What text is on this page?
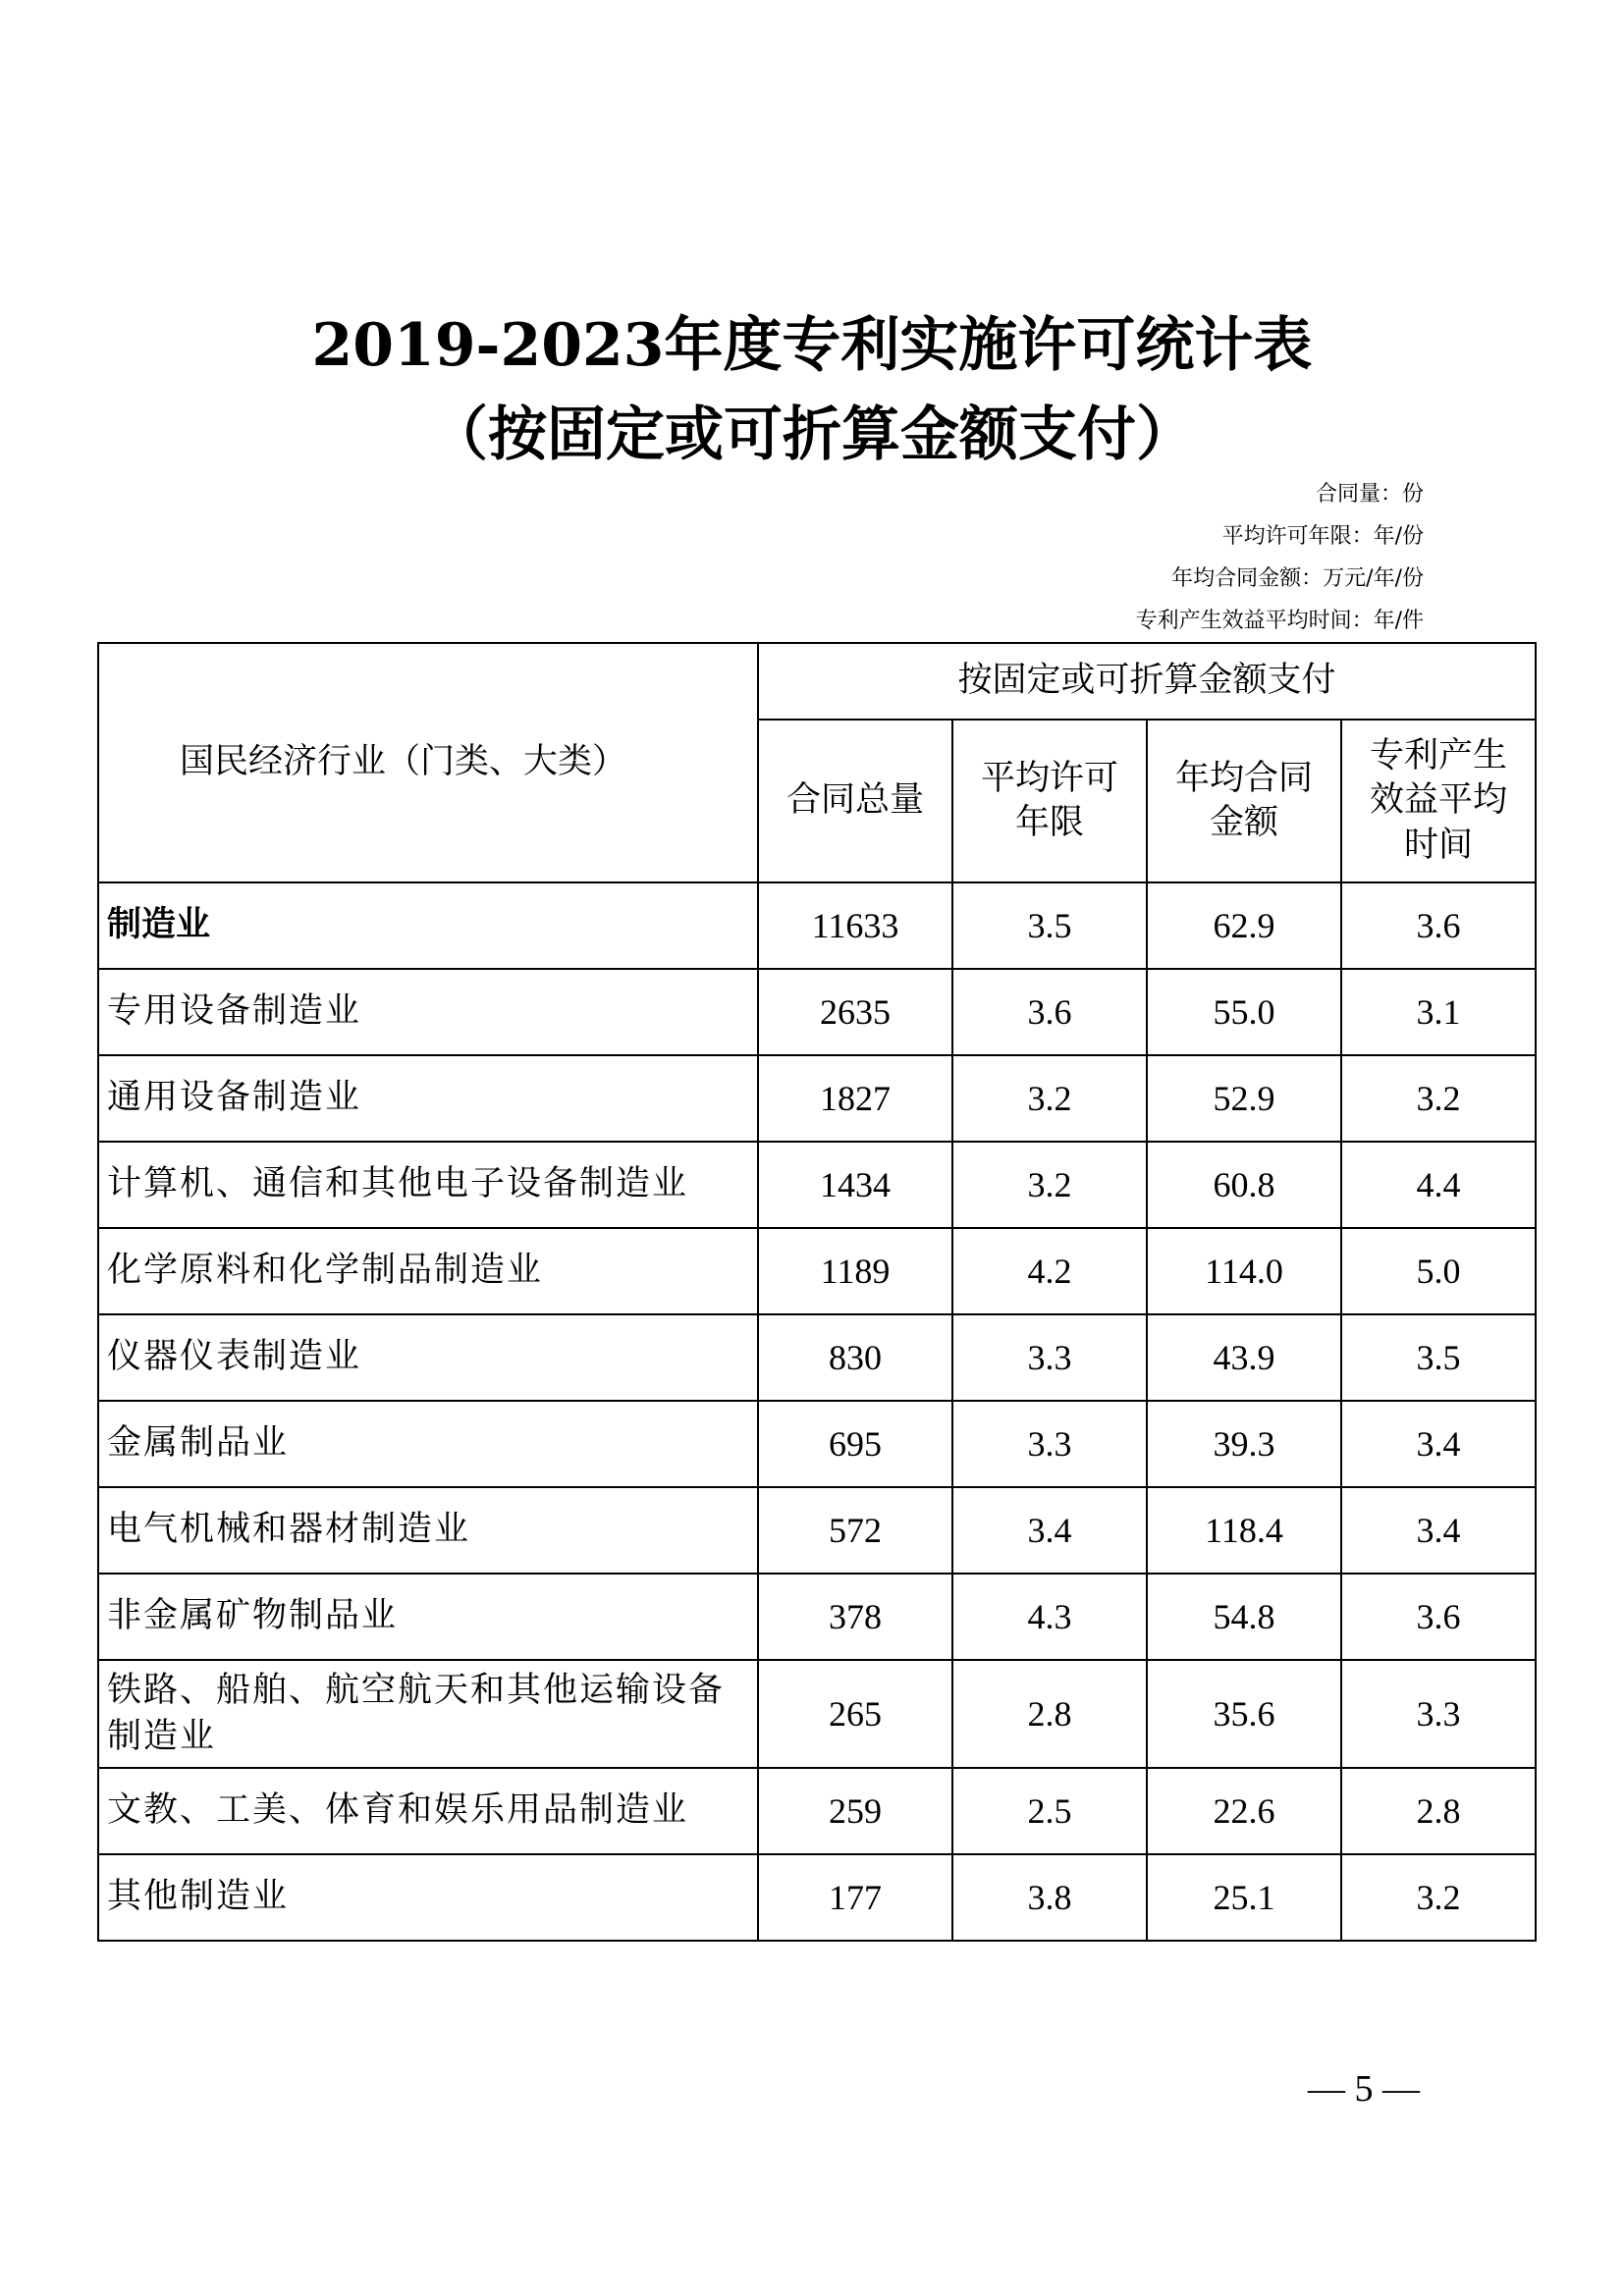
2019-2023年度专利实施许可统计表
（按固定或可折算金额支付）
合同量：份
平均许可年限：年/份
年均合同金额：万元/年/份
专利产生效益平均时间：年/件
国民经济行业（门类、大类）	按固定或可折算金额支付			
	合同总量	平均许可年限	年均合同金额	专利产生效益平均时间
制造业	11633	3.5	62.9	3.6
专用设备制造业	2635	3.6	55.0	3.1
通用设备制造业	1827	3.2	52.9	3.2
计算机、通信和其他电子设备制造业	1434	3.2	60.8	4.4
化学原料和化学制品制造业	1189	4.2	114.0	5.0
仪器仪表制造业	830	3.3	43.9	3.5
金属制品业	695	3.3	39.3	3.4
电气机械和器材制造业	572	3.4	118.4	3.4
非金属矿物制品业	378	4.3	54.8	3.6
铁路、船舶、航空航天和其他运输设备制造业	265	2.8	35.6	3.3
文教、工美、体育和娱乐用品制造业	259	2.5	22.6	2.8
其他制造业	177	3.8	25.1	3.2
— 5 —
